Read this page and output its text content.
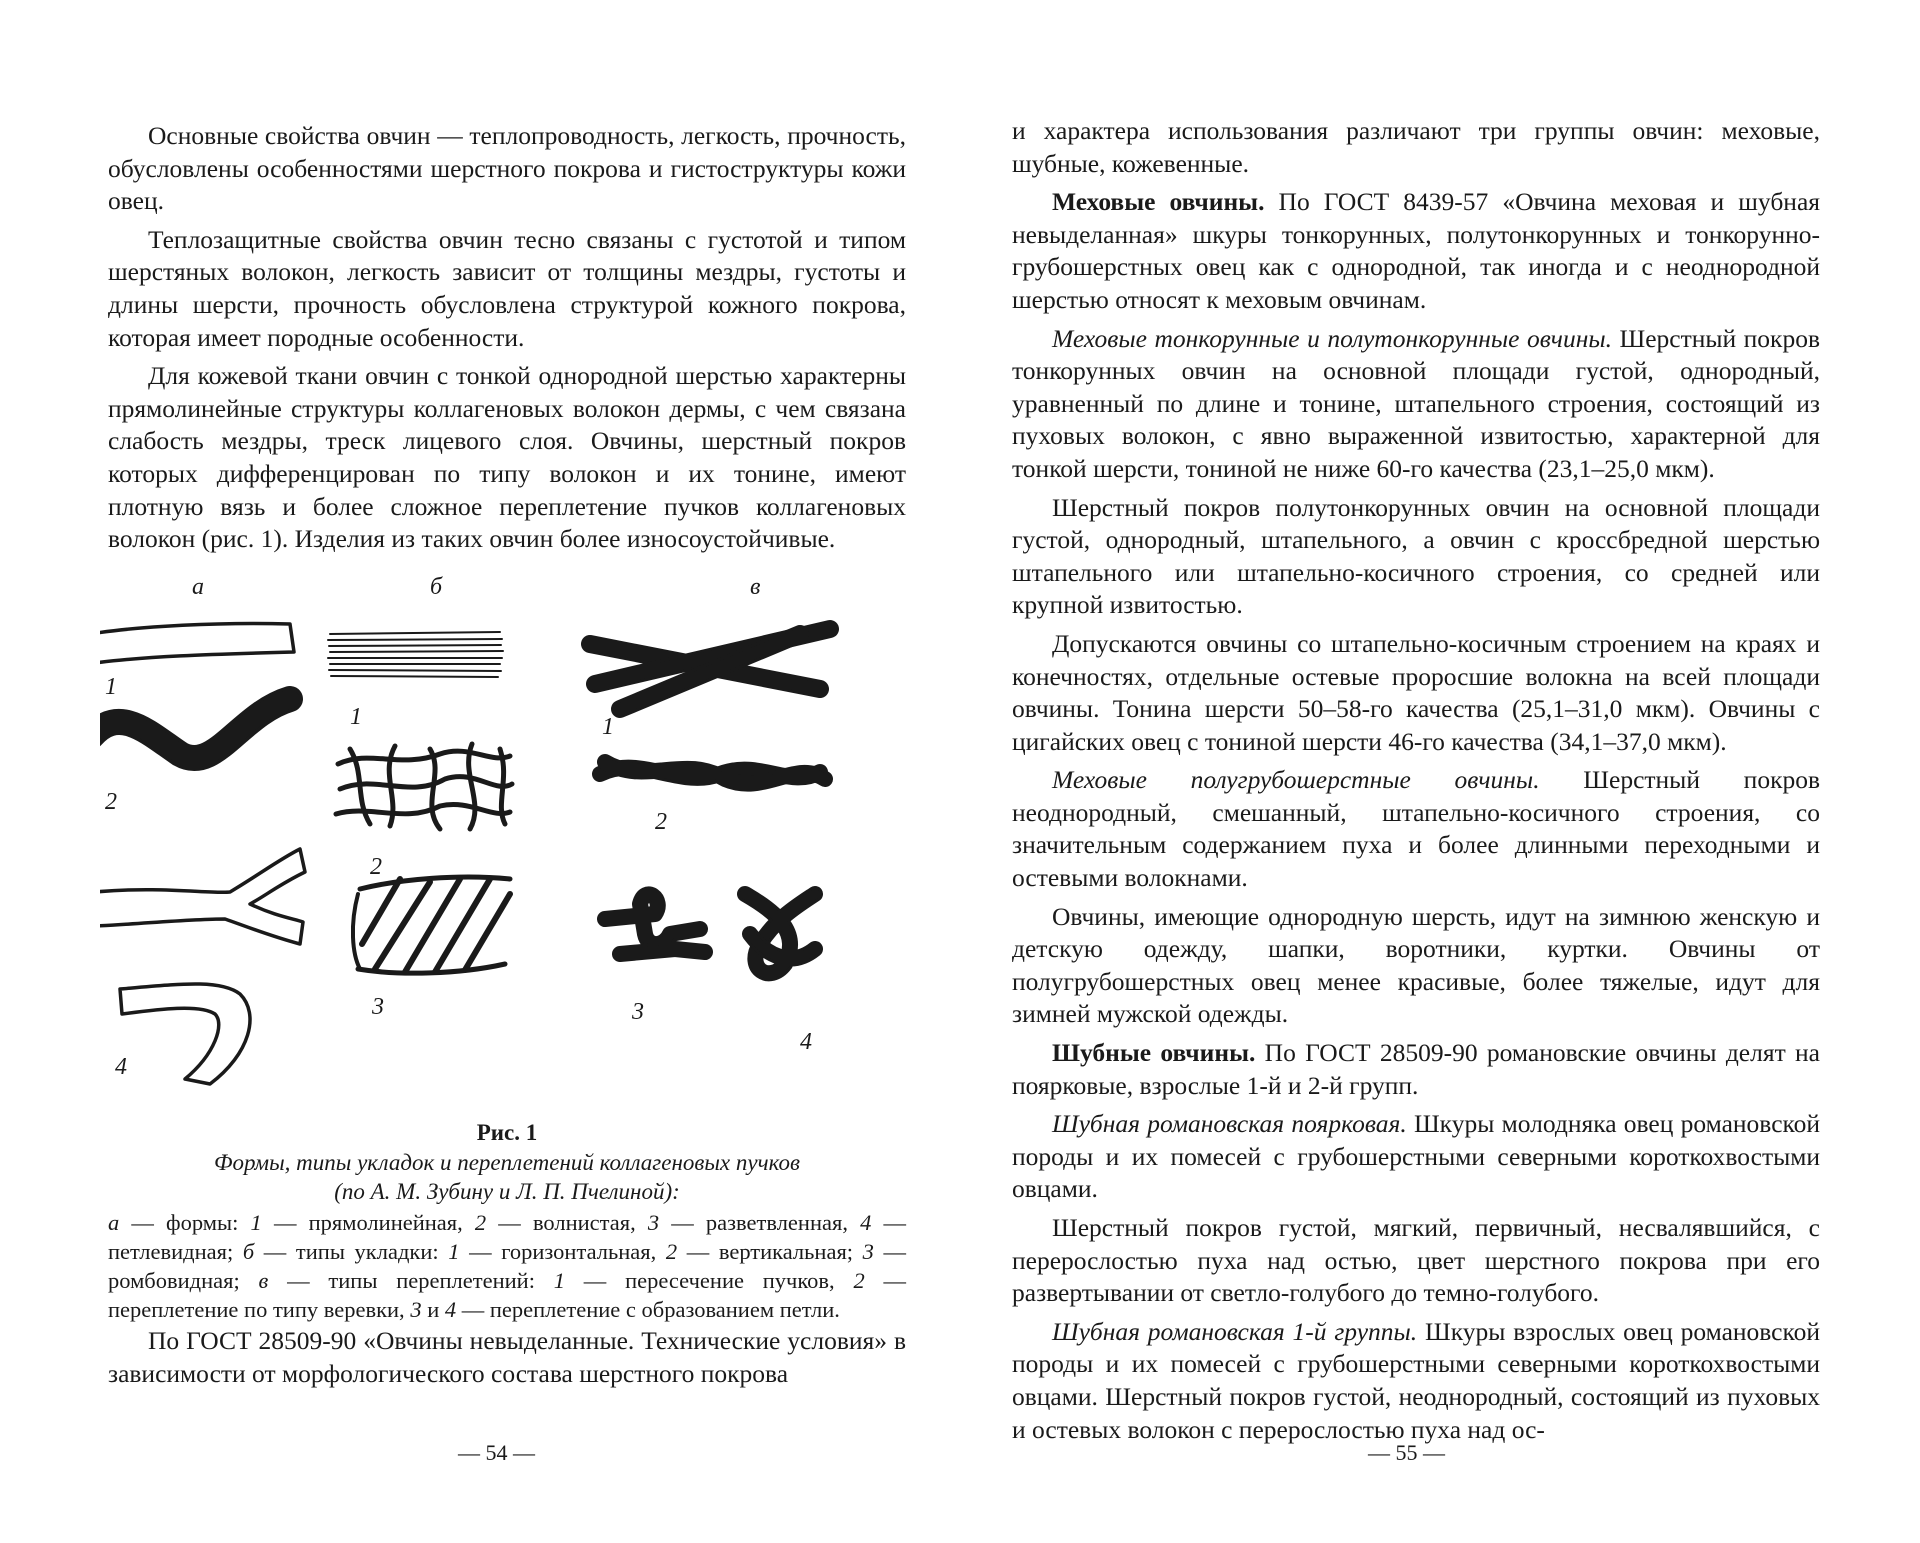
Основные свойства овчин — теплопроводность, легкость, прочность, обусловлены особенностями шерстного покрова и гистоструктуры кожи овец.

Теплозащитные свойства овчин тесно связаны с густотой и типом шерстяных волокон, легкость зависит от толщины мездры, густоты и длины шерсти, прочность обусловлена структурой кожного покрова, которая имеет породные особенности.

Для кожевой ткани овчин с тонкой однородной шерстью характерны прямолинейные структуры коллагеновых волокон дермы, с чем связана слабость мездры, треск лицевого слоя. Овчины, шерстный покров которых дифференцирован по типу волокон и их тонине, имеют плотную вязь и более сложное переплетение пучков коллагеновых волокон (рис. 1). Изделия из таких овчин более износоустойчивые.

а	б	в
1
2
4
1
2
3
1
2
3
4
Рис. 1
Формы, типы укладок и переплетений коллагеновых пучков
(по А. М. Зубину и Л. П. Пчелиной):
а — формы: 1 — прямолинейная, 2 — волнистая, 3 — разветвленная, 4 — петлевидная; б — типы укладки: 1 — горизонтальная, 2 — вертикальная; 3 — ромбовидная; в — типы переплетений: 1 — пересечение пучков, 2 — переплетение по типу веревки, 3 и 4 — переплетение с образованием петли.

По ГОСТ 28509-90 «Овчины невыделанные. Технические условия» в зависимости от морфологического состава шерстного покрова

— 54 —

и характера использования различают три группы овчин: меховые, шубные, кожевенные.

Меховые овчины. По ГОСТ 8439-57 «Овчина меховая и шубная невыделанная» шкуры тонкорунных, полутонкорунных и тонкорунно-грубошерстных овец как с однородной, так иногда и с неоднородной шерстью относят к меховым овчинам.

Меховые тонкорунные и полутонкорунные овчины. Шерстный покров тонкорунных овчин на основной площади густой, однородный, уравненный по длине и тонине, штапельного строения, состоящий из пуховых волокон, с явно выраженной извитостью, характерной для тонкой шерсти, тониной не ниже 60-го качества (23,1–25,0 мкм).

Шерстный покров полутонкорунных овчин на основной площади густой, однородный, штапельного, а овчин с кроссбредной шерстью штапельного или штапельно-косичного строения, со средней или крупной извитостью.

Допускаются овчины со штапельно-косичным строением на краях и конечностях, отдельные остевые проросшие волокна на всей площади овчины. Тонина шерсти 50–58-го качества (25,1–31,0 мкм). Овчины с цигайских овец с тониной шерсти 46-го качества (34,1–37,0 мкм).

Меховые полугрубошерстные овчины. Шерстный покров неоднородный, смешанный, штапельно-косичного строения, со значительным содержанием пуха и более длинными переходными и остевыми волокнами.

Овчины, имеющие однородную шерсть, идут на зимнюю женскую и детскую одежду, шапки, воротники, куртки. Овчины от полугрубошерстных овец менее красивые, более тяжелые, идут для зимней мужской одежды.

Шубные овчины. По ГОСТ 28509-90 романовские овчины делят на поярковые, взрослые 1-й и 2-й групп.

Шубная романовская поярковая. Шкуры молодняка овец романовской породы и их помесей с грубошерстными северными короткохвостыми овцами.

Шерстный покров густой, мягкий, первичный, несвалявшийся, с перерослостью пуха над остью, цвет шерстного покрова при его развертывании от светло-голубого до темно-голубого.

Шубная романовская 1-й группы. Шкуры взрослых овец романовской породы и их помесей с грубошерстными северными короткохвостыми овцами. Шерстный покров густой, неоднородный, состоящий из пуховых и остевых волокон с перерослостью пуха над ос-

— 55 —
